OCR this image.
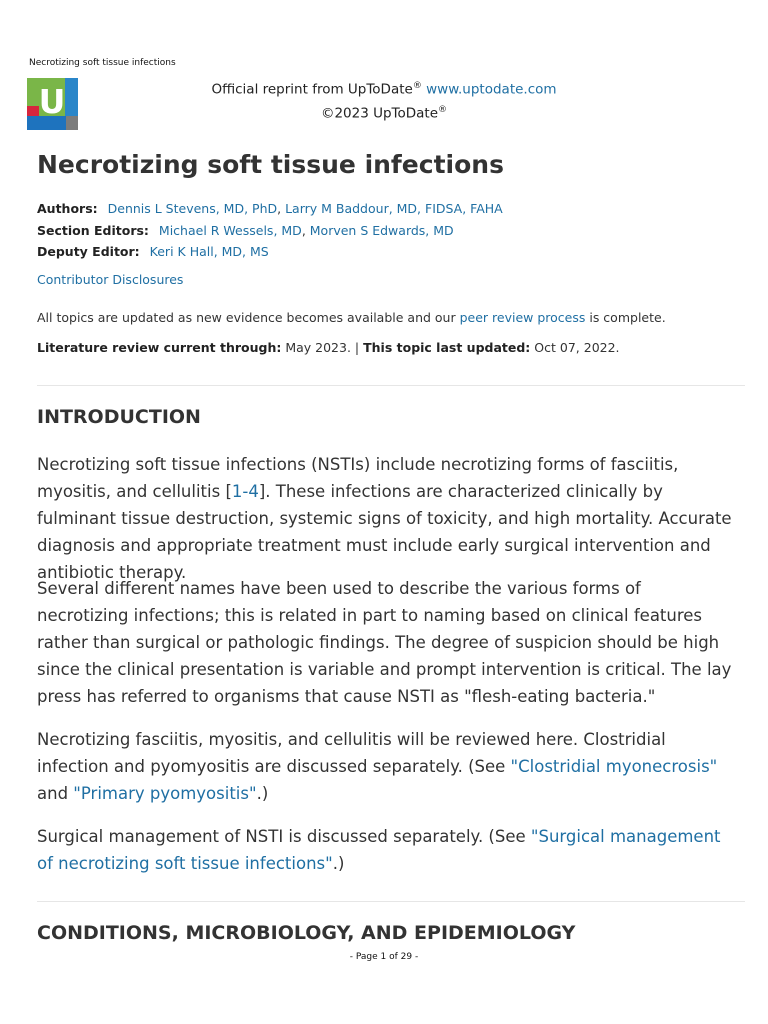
Necrotizing soft tissue infections
U	Official reprint from UpToDate® www.uptodate.com
©2023 UpToDate®
Necrotizing soft tissue infections
Authors: Dennis L Stevens, MD, PhD, Larry M Baddour, MD, FIDSA, FAHA
Section Editors: Michael R Wessels, MD, Morven S Edwards, MD
Deputy Editor: Keri K Hall, MD, MS
Contributor Disclosures
All topics are updated as new evidence becomes available and our peer review process is complete.
Literature review current through: May 2023. | This topic last updated: Oct 07, 2022.
INTRODUCTION

Necrotizing soft tissue infections (NSTIs) include necrotizing forms of fasciitis, myositis, and cellulitis [1-4]. These infections are characterized clinically by fulminant tissue destruction, systemic signs of toxicity, and high mortality. Accurate diagnosis and appropriate treatment must include early surgical intervention and antibiotic therapy.

Several different names have been used to describe the various forms of necrotizing infections; this is related in part to naming based on clinical features rather than surgical or pathologic findings. The degree of suspicion should be high since the clinical presentation is variable and prompt intervention is critical. The lay press has referred to organisms that cause NSTI as "flesh-eating bacteria."

Necrotizing fasciitis, myositis, and cellulitis will be reviewed here. Clostridial infection and pyomyositis are discussed separately. (See "Clostridial myonecrosis" and "Primary pyomyositis".)

Surgical management of NSTI is discussed separately. (See "Surgical management of necrotizing soft tissue infections".)

CONDITIONS, MICROBIOLOGY, AND EPIDEMIOLOGY
- Page 1 of 29 -
